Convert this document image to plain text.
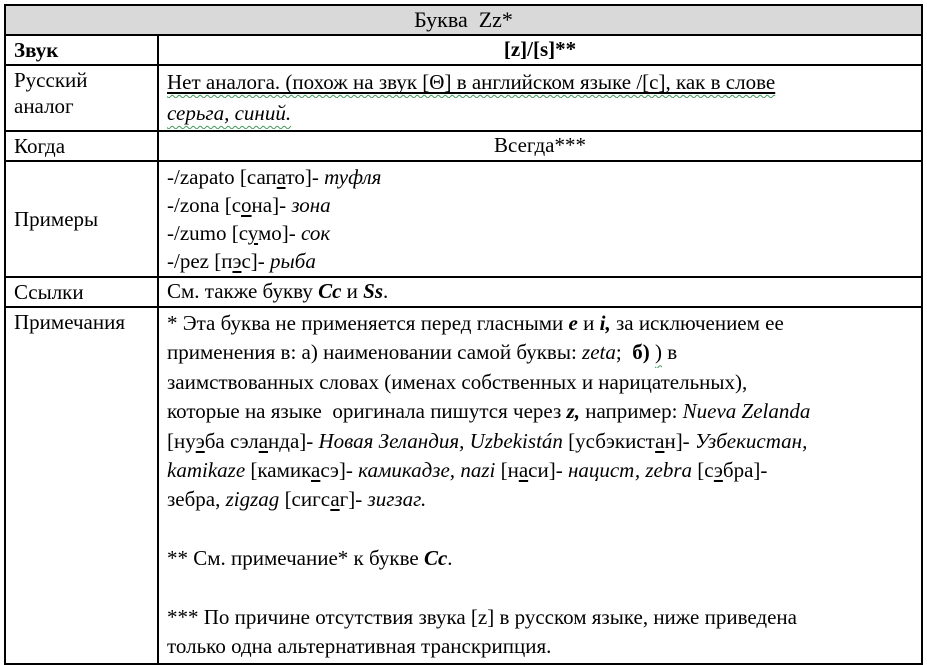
Буква  Zz*	
Звук	[z]/[s]**

Русский аналог	Нет аналога. (похож на звук [Θ] в английском языке /[с], как в слове
серьга, синий.

Когда	Всегда***

Примеры	-/zapato [сапато]- туфля
-/zona [сона]- зона
-/zumo [сумо]- сок
-/pez [пэс]- рыба

Ссылки	См. также букву Cc и Ss.

Примечания	* Эта буква не применяется перед гласными e и i, за исключением ее
применения в: а) наименовании самой буквы: zeta;  б) ) в
заимствованных словах (именах собственных и нарицательных),
которые на языке  оригинала пишутся через z, например: Nueva Zelanda
[нуэба сэланда]- Новая Зеландия, Uzbekistán [усбэкистан]- Узбекистан,
kamikaze [камикасэ]- камикадзе, nazi [наси]- нацист, zebra [сэбра]-
зебра, zigzag [сигсаг]- зигзаг.

** См. примечание* к букве Cc.

*** По причине отсутствия звука [z] в русском языке, ниже приведена
только одна альтернативная транскрипция.
